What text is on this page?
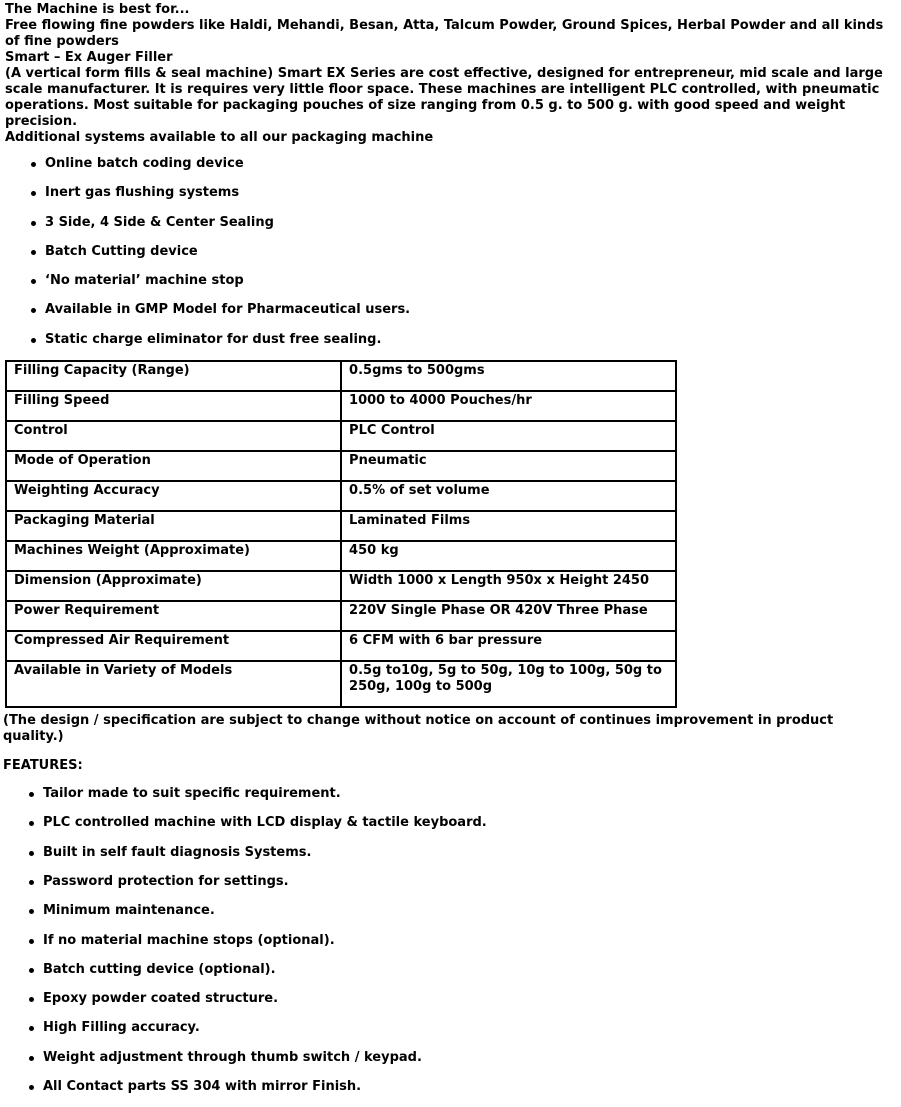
The Machine is best for...

Free flowing fine powders like Haldi, Mehandi, Besan, Atta, Talcum Powder, Ground Spices, Herbal Powder and all kinds of fine powders

Smart – Ex Auger Filler

(A vertical form fills & seal machine) Smart EX Series are cost effective, designed for entrepreneur, mid scale and large scale manufacturer. It is requires very little floor space. These machines are intelligent PLC controlled, with pneumatic operations. Most suitable for packaging pouches of size ranging from 0.5 g. to 500 g. with good speed and weight precision.

Additional systems available to all our packaging machine

Online batch coding device
Inert gas flushing systems
3 Side, 4 Side & Center Sealing
Batch Cutting device
‘No material’ machine stop
Available in GMP Model for Pharmaceutical users.
Static charge eliminator for dust free sealing.
Filling Capacity (Range)	0.5gms to 500gms
Filling Speed	1000 to 4000 Pouches/hr
Control	PLC Control
Mode of Operation	Pneumatic
Weighting Accuracy	0.5% of set volume
Packaging Material	Laminated Films
Machines Weight (Approximate)	450 kg
Dimension (Approximate)	Width 1000 x Length 950x x Height 2450
Power Requirement	220V Single Phase OR 420V Three Phase
Compressed Air Requirement	6 CFM with 6 bar pressure
Available in Variety of Models	0.5g to10g, 5g to 50g, 10g to 100g, 50g to 250g, 100g to 500g

(The design / specification are subject to change without notice on account of continues improvement in product quality.)

FEATURES:

Tailor made to suit specific requirement.
PLC controlled machine with LCD display & tactile keyboard.
Built in self fault diagnosis Systems.
Password protection for settings.
Minimum maintenance.
If no material machine stops (optional).
Batch cutting device (optional).
Epoxy powder coated structure.
High Filling accuracy.
Weight adjustment through thumb switch / keypad.
All Contact parts SS 304 with mirror Finish.
